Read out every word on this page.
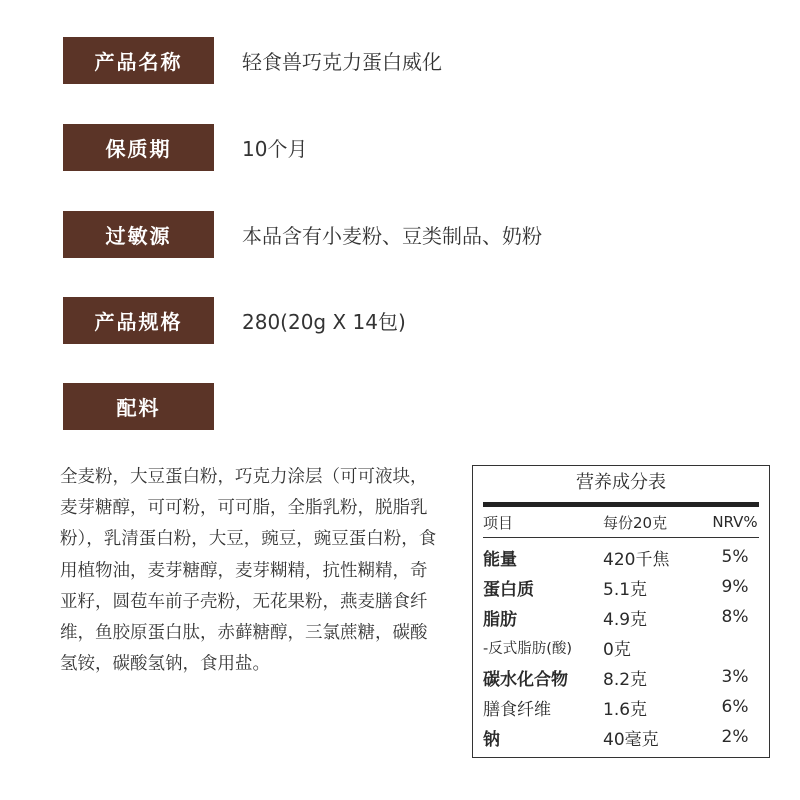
产品名称	轻食兽巧克力蛋白威化
保质期	10个月
过敏源	本品含有小麦粉、豆类制品、奶粉
产品规格	280(20g X 14包)
配料
全麦粉，大豆蛋白粉，巧克力涂层（可可液块，麦芽糖醇，可可粉，可可脂，全脂乳粉，脱脂乳粉），乳清蛋白粉，大豆，豌豆，豌豆蛋白粉，食用植物油，麦芽糖醇，麦芽糊精，抗性糊精，奇亚籽，圆苞车前子壳粉，无花果粉，燕麦膳食纤维，鱼胶原蛋白肽，赤藓糖醇，三氯蔗糖，碳酸氢铵，碳酸氢钠，食用盐。
营养成分表
项目	每份20克	NRV%
能量	420千焦	5%
蛋白质	5.1克	9%
脂肪	4.9克	8%
-反式脂肪(酸)	0克
碳水化合物	8.2克	3%
膳食纤维	1.6克	6%
钠	40毫克	2%
